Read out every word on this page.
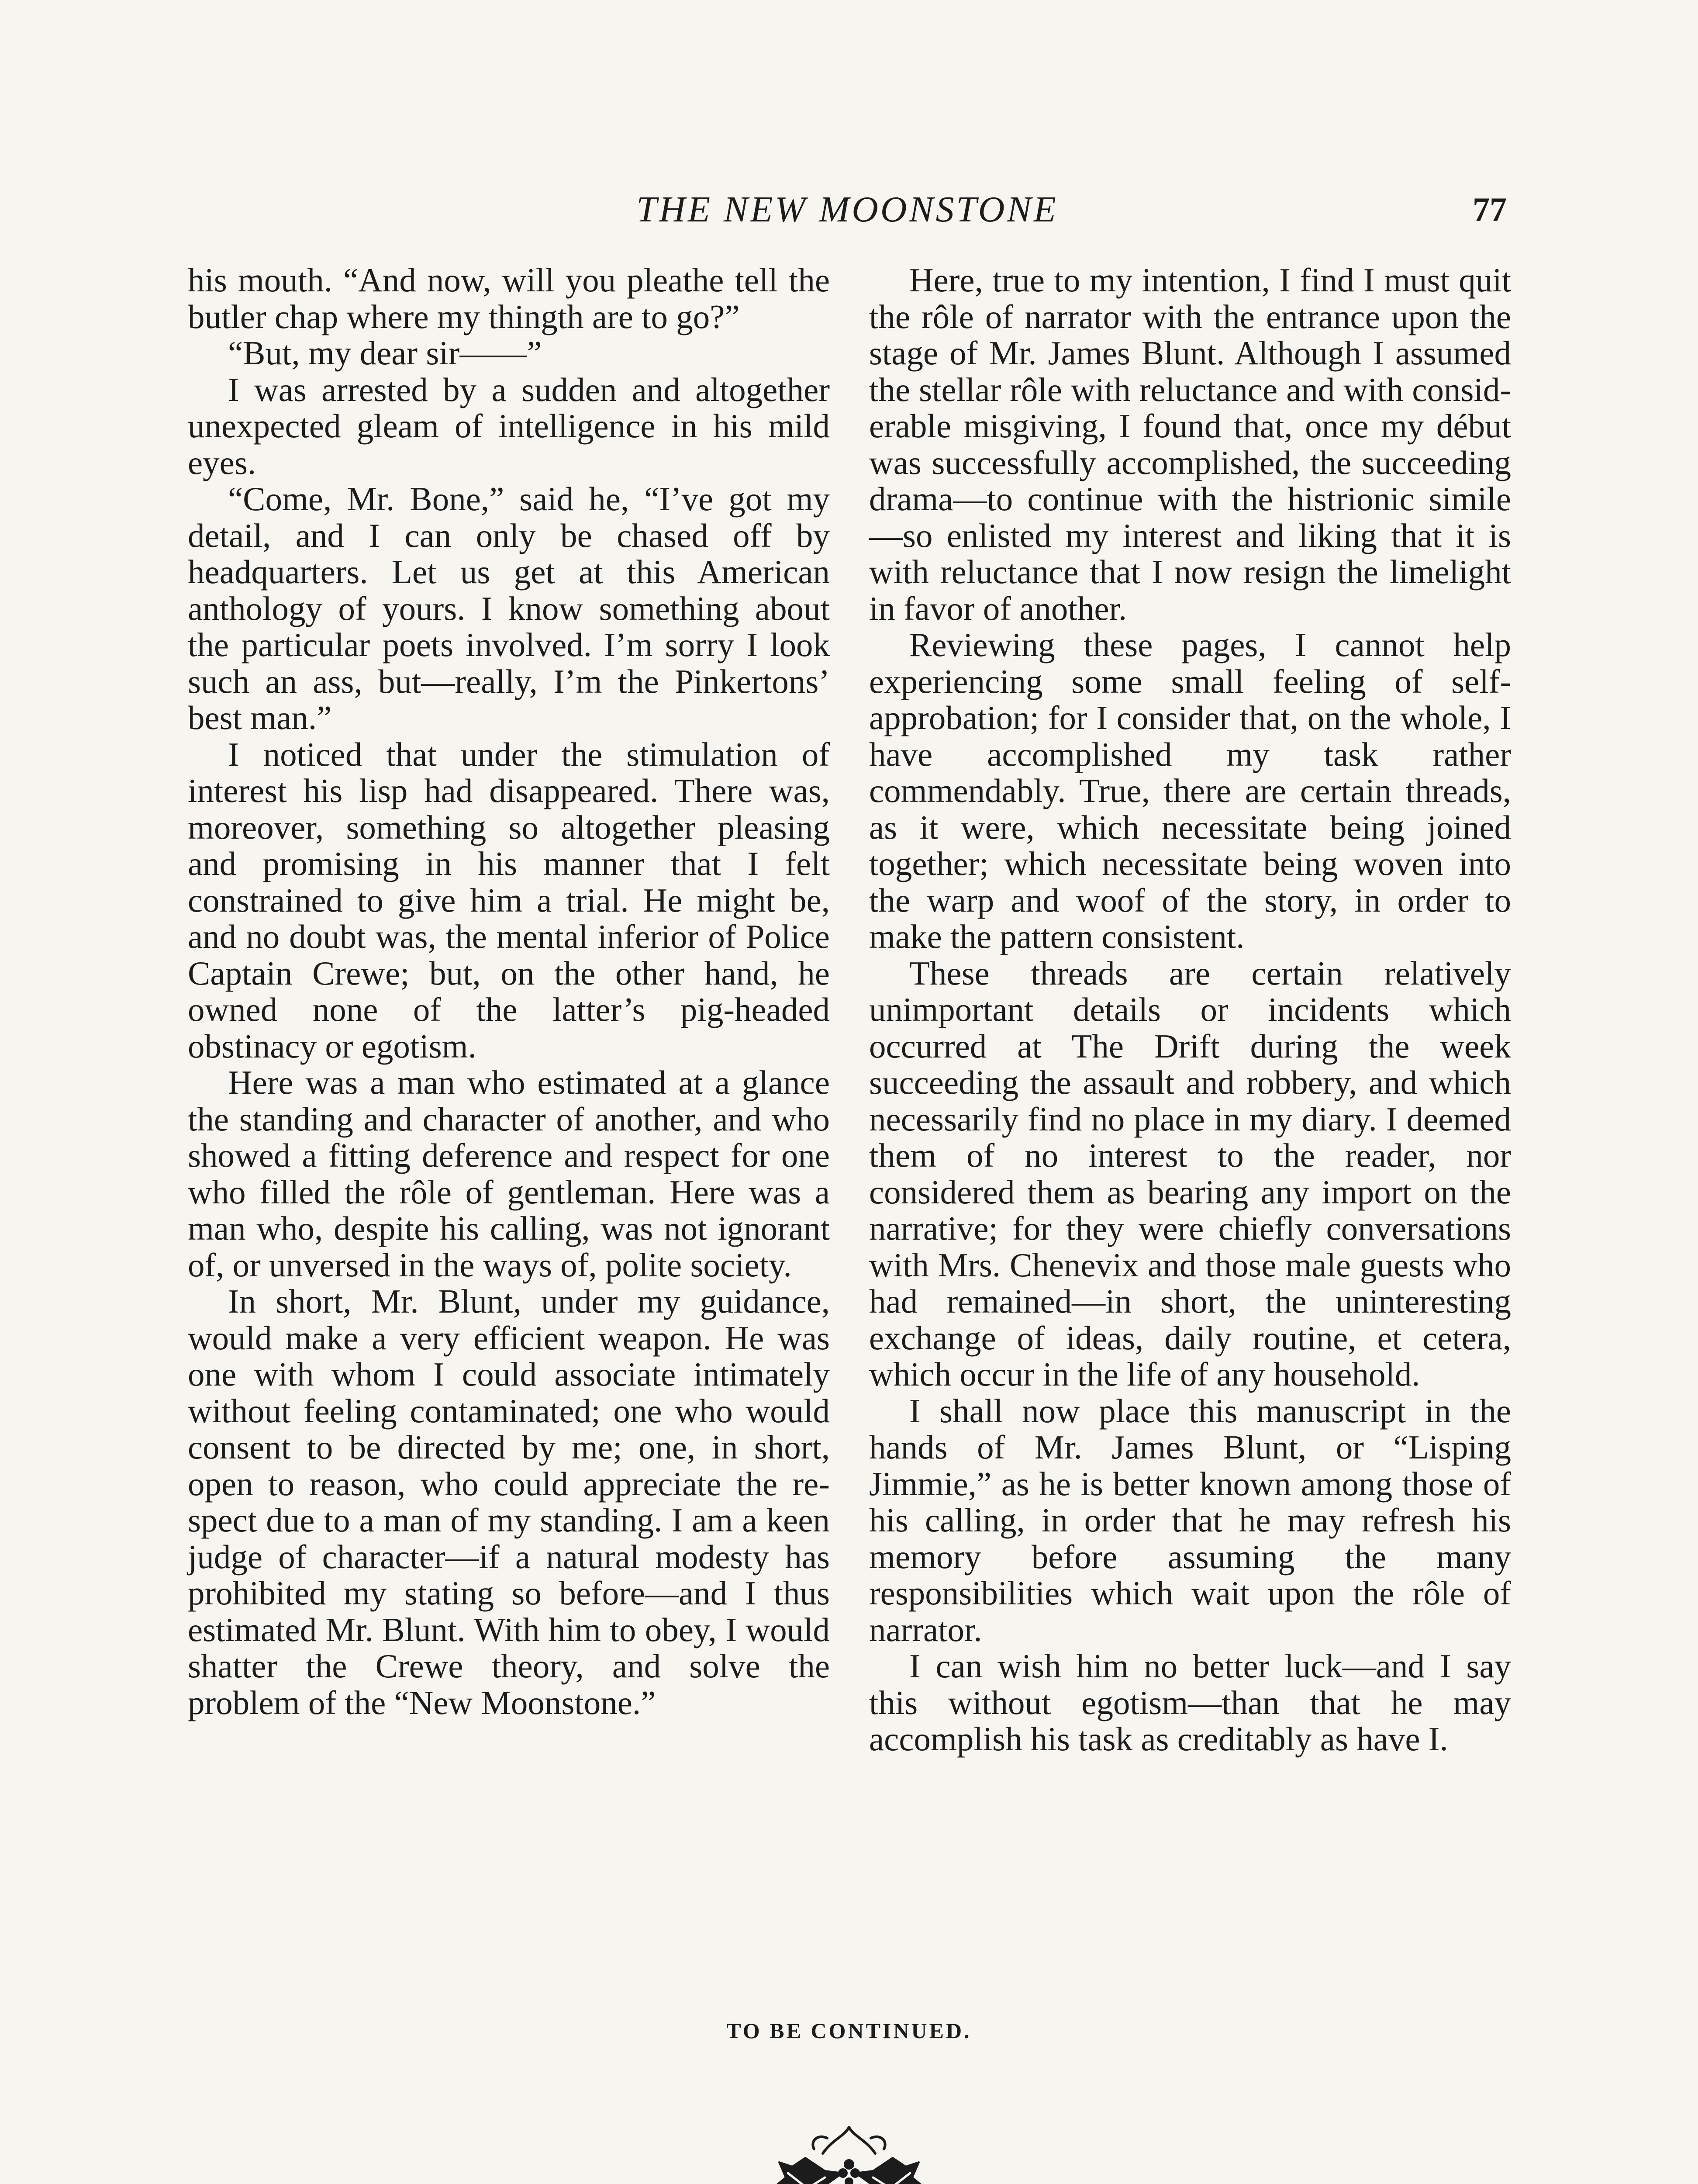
THE NEW MOONSTONE	77

his mouth. “And now, will you pleathe tell the butler chap where my thingth are to go?”

“But, my dear sir——”

I was arrested by a sudden and altogether unexpected gleam of intelligence in his mild eyes.

“Come, Mr. Bone,” said he, “I’ve got my detail, and I can only be chased off by headquarters. Let us get at this American anthology of yours. I know something about the particular poets involved. I’m sorry I look such an ass, but—really, I’m the Pinkertons’ best man.”

I noticed that under the stimulation of interest his lisp had disappeared. There was, moreover, something so altogether pleasing and promising in his manner that I felt constrained to give him a trial. He might be, and no doubt was, the mental inferior of Police Captain Crewe; but, on the other hand, he owned none of the latter’s pig-headed obstinacy or egotism.

Here was a man who estimated at a glance the standing and character of another, and who showed a fitting deference and respect for one who filled the rôle of gentleman. Here was a man who, despite his calling, was not ignorant of, or unversed in the ways of, polite society.

In short, Mr. Blunt, under my guidance, would make a very efficient weapon. He was one with whom I could associate intimately without feeling contaminated; one who would consent to be directed by me; one, in short, open to reason, who could appreciate the respect due to a man of my standing. I am a keen judge of character—if a natural modesty has prohibited my stating so before—and I thus estimated Mr. Blunt. With him to obey, I would shatter the Crewe theory, and solve the problem of the “New Moonstone.”

Here, true to my intention, I find I must quit the rôle of narrator with the entrance upon the stage of Mr. James Blunt. Although I assumed the stellar rôle with reluctance and with considerable misgiving, I found that, once my début was successfully accomplished, the succeeding drama—to continue with the histrionic simile—so enlisted my interest and liking that it is with reluctance that I now resign the limelight in favor of another.

Reviewing these pages, I cannot help experiencing some small feeling of self-approbation; for I consider that, on the whole, I have accomplished my task rather commendably. True, there are certain threads, as it were, which necessitate being joined together; which necessitate being woven into the warp and woof of the story, in order to make the pattern consistent.

These threads are certain relatively unimportant details or incidents which occurred at The Drift during the week succeeding the assault and robbery, and which necessarily find no place in my diary. I deemed them of no interest to the reader, nor considered them as bearing any import on the narrative; for they were chiefly conversations with Mrs. Chenevix and those male guests who had remained—in short, the uninteresting exchange of ideas, daily routine, et cetera, which occur in the life of any household.

I shall now place this manuscript in the hands of Mr. James Blunt, or “Lisping Jimmie,” as he is better known among those of his calling, in order that he may refresh his memory before assuming the many responsibilities which wait upon the rôle of narrator.

I can wish him no better luck—and I say this without egotism—than that he may accomplish his task as creditably as have I.

TO BE CONTINUED.
